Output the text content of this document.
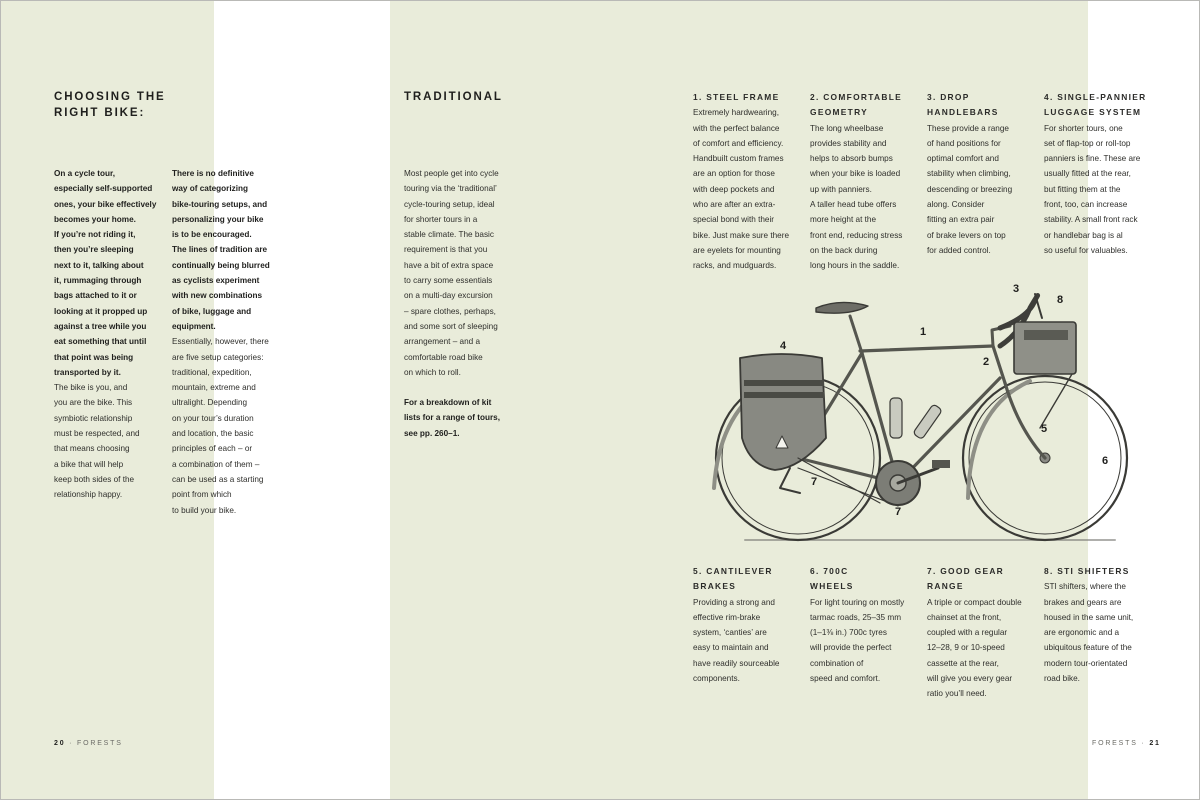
CHOOSING THE
RIGHT BIKE:

On a cycle tour,
especially self-supported
ones, your bike effectively
becomes your home.
If you’re not riding it,
then you’re sleeping
next to it, talking about
it, rummaging through
bags attached to it or
looking at it propped up
against a tree while you
eat something that until
that point was being
transported by it.

The bike is you, and
you are the bike. This
symbiotic relationship
must be respected, and
that means choosing
a bike that will help
keep both sides of the
relationship happy.

There is no definitive
way of categorizing
bike-touring setups, and
personalizing your bike
is to be encouraged.
The lines of tradition are
continually being blurred
as cyclists experiment
with new combinations
of bike, luggage and
equipment.

Essentially, however, there
are five setup categories:
traditional, expedition,
mountain, extreme and
ultralight. Depending
on your tour’s duration
and location, the basic
principles of each – or
a combination of them –
can be used as a starting
point from which
to build your bike.

20 · FORESTS
TRADITIONAL

Most people get into cycle
touring via the ‘traditional’
cycle-touring setup, ideal
for shorter tours in a
stable climate. The basic
requirement is that you
have a bit of extra space
to carry some essentials
on a multi-day excursion
– spare clothes, perhaps,
and some sort of sleeping
arrangement – and a
comfortable road bike
on which to roll.

For a breakdown of kit
lists for a range of tours,
see pp. 260–1.

1. STEEL FRAME
Extremely hardwearing,
with the perfect balance
of comfort and efficiency.
Handbuilt custom frames
are an option for those
with deep pockets and
who are after an extra-
special bond with their
bike. Just make sure there
are eyelets for mounting
racks, and mudguards.
2. COMFORTABLE
GEOMETRY
The long wheelbase
provides stability and
helps to absorb bumps
when your bike is loaded
up with panniers.
A taller head tube offers
more height at the
front end, reducing stress
on the back during
long hours in the saddle.
3. DROP
HANDLEBARS
These provide a range
of hand positions for
optimal comfort and
stability when climbing,
descending or breezing
along. Consider
fitting an extra pair
of brake levers on top
for added control.
4. SINGLE-PANNIER
LUGGAGE SYSTEM
For shorter tours, one
set of flap-top or roll-top
panniers is fine. These are
usually fitted at the rear,
but fitting them at the
front, too, can increase
stability. A small front rack
or handlebar bag is al
so useful for valuables.
5. CANTILEVER
BRAKES
Providing a strong and
effective rim-brake
system, ‘canties’ are
easy to maintain and
have readily sourceable
components.
6. 700C
WHEELS
For light touring on mostly
tarmac roads, 25–35 mm
(1–1⅜ in.) 700c tyres
will provide the perfect
combination of
speed and comfort.
7. GOOD GEAR RANGE
A triple or compact double
chainset at the front,
coupled with a regular
12–28, 9 or 10-speed
cassette at the rear,
will give you every gear
ratio you’ll need.
8. STI SHIFTERS
STI shifters, where the
brakes and gears are
housed in the same unit,
are ergonomic and a
ubiquitous feature of the
modern tour-orientated
road bike.
1
2
3
4
5
6
7
7
8
FORESTS · 21
